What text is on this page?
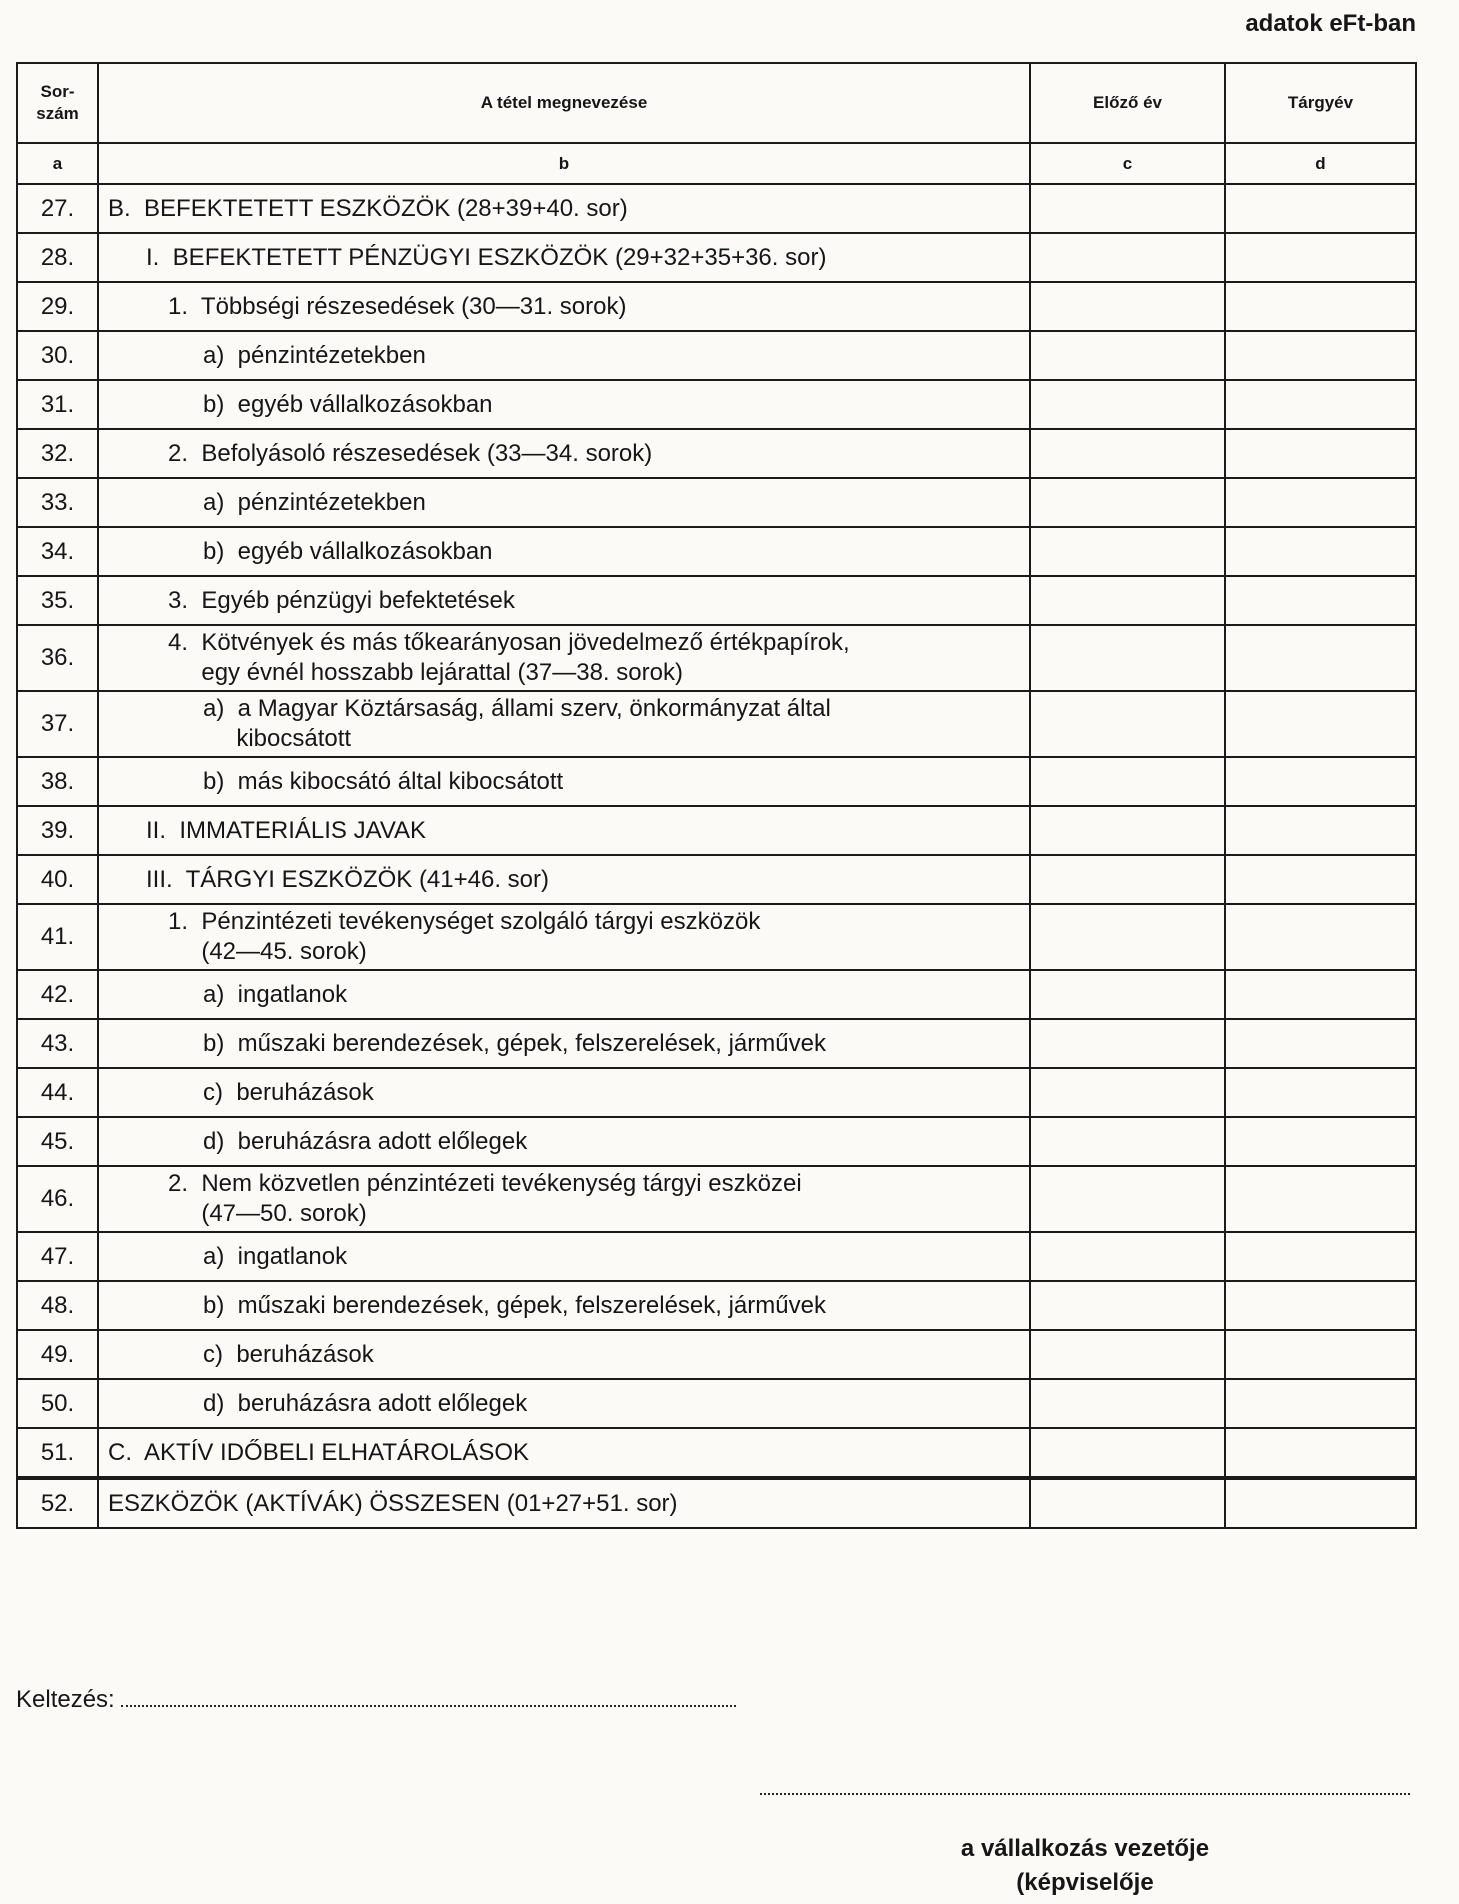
adatok eFt-ban
Sor-
szám	A tétel megnevezése	Előző év	Tárgyév
a	b	c	d
27.	B.  BEFEKTETETT ESZKÖZÖK (28+39+40. sor)		
28.	I.  BEFEKTETETT PÉNZÜGYI ESZKÖZÖK (29+32+35+36. sor)		
29.	1.  Többségi részesedések (30—31. sorok)		
30.	a)  pénzintézetekben		
31.	b)  egyéb vállalkozásokban		
32.	2.  Befolyásoló részesedések (33—34. sorok)		
33.	a)  pénzintézetekben		
34.	b)  egyéb vállalkozásokban		
35.	3.  Egyéb pénzügyi befektetések		
36.	4.  Kötvények és más tőkearányosan jövedelmező értékpapírok,
egy évnél hosszabb lejárattal (37—38. sorok)		
37.	a)  a Magyar Köztársaság, állami szerv, önkormányzat által
kibocsátott		
38.	b)  más kibocsátó által kibocsátott		
39.	II.  IMMATERIÁLIS JAVAK		
40.	III.  TÁRGYI ESZKÖZÖK (41+46. sor)		
41.	1.  Pénzintézeti tevékenységet szolgáló tárgyi eszközök
(42—45. sorok)		
42.	a)  ingatlanok		
43.	b)  műszaki berendezések, gépek, felszerelések, járművek		
44.	c)  beruházások		
45.	d)  beruházásra adott előlegek		
46.	2.  Nem közvetlen pénzintézeti tevékenység tárgyi eszközei
(47—50. sorok)		
47.	a)  ingatlanok		
48.	b)  műszaki berendezések, gépek, felszerelések, járművek		
49.	c)  beruházások		
50.	d)  beruházásra adott előlegek		
51.	C.  AKTÍV IDŐBELI ELHATÁROLÁSOK		
52.	ESZKÖZÖK (AKTÍVÁK) ÖSSZESEN (01+27+51. sor)		
Keltezés:
a vállalkozás vezetője
(képviselője
